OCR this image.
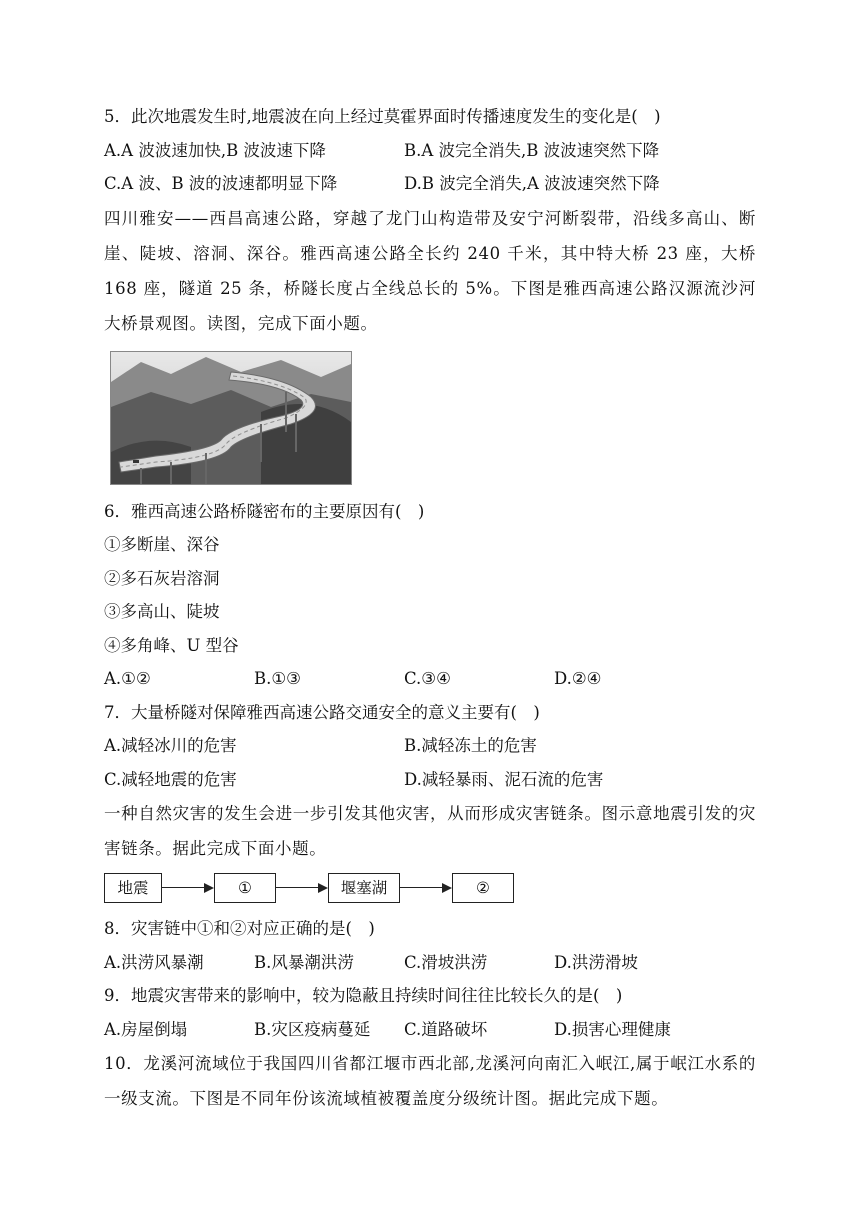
5．此次地震发生时,地震波在向上经过莫霍界面时传播速度发生的变化是(　)
A.A 波波速加快,B 波波速下降	B.A 波完全消失,B 波波速突然下降
C.A 波、B 波的波速都明显下降	D.B 波完全消失,A 波波速突然下降
四川雅安——西昌高速公路，穿越了龙门山构造带及安宁河断裂带，沿线多高山、断崖、陡坡、溶洞、深谷。雅西高速公路全长约 240 千米，其中特大桥 23 座，大桥 168 座，隧道 25 条，桥隧长度占全线总长的 5%。下图是雅西高速公路汉源流沙河大桥景观图。读图，完成下面小题。
6．雅西高速公路桥隧密布的主要原因有(　)
①多断崖、深谷
②多石灰岩溶洞
③多高山、陡坡
④多角峰、U 型谷
A.①②	B.①③	C.③④	D.②④
7．大量桥隧对保障雅西高速公路交通安全的意义主要有(　)
A.减轻冰川的危害	B.减轻冻土的危害
C.减轻地震的危害	D.减轻暴雨、泥石流的危害
一种自然灾害的发生会进一步引发其他灾害，从而形成灾害链条。图示意地震引发的灾害链条。据此完成下面小题。
地震	①	堰塞湖	②
8．灾害链中①和②对应正确的是(　)
A.洪涝风暴潮	B.风暴潮洪涝	C.滑坡洪涝	D.洪涝滑坡
9．地震灾害带来的影响中，较为隐蔽且持续时间往往比较长久的是(　)
A.房屋倒塌	B.灾区疫病蔓延	C.道路破坏	D.损害心理健康
10．龙溪河流域位于我国四川省都江堰市西北部,龙溪河向南汇入岷江,属于岷江水系的一级支流。下图是不同年份该流域植被覆盖度分级统计图。据此完成下题。
